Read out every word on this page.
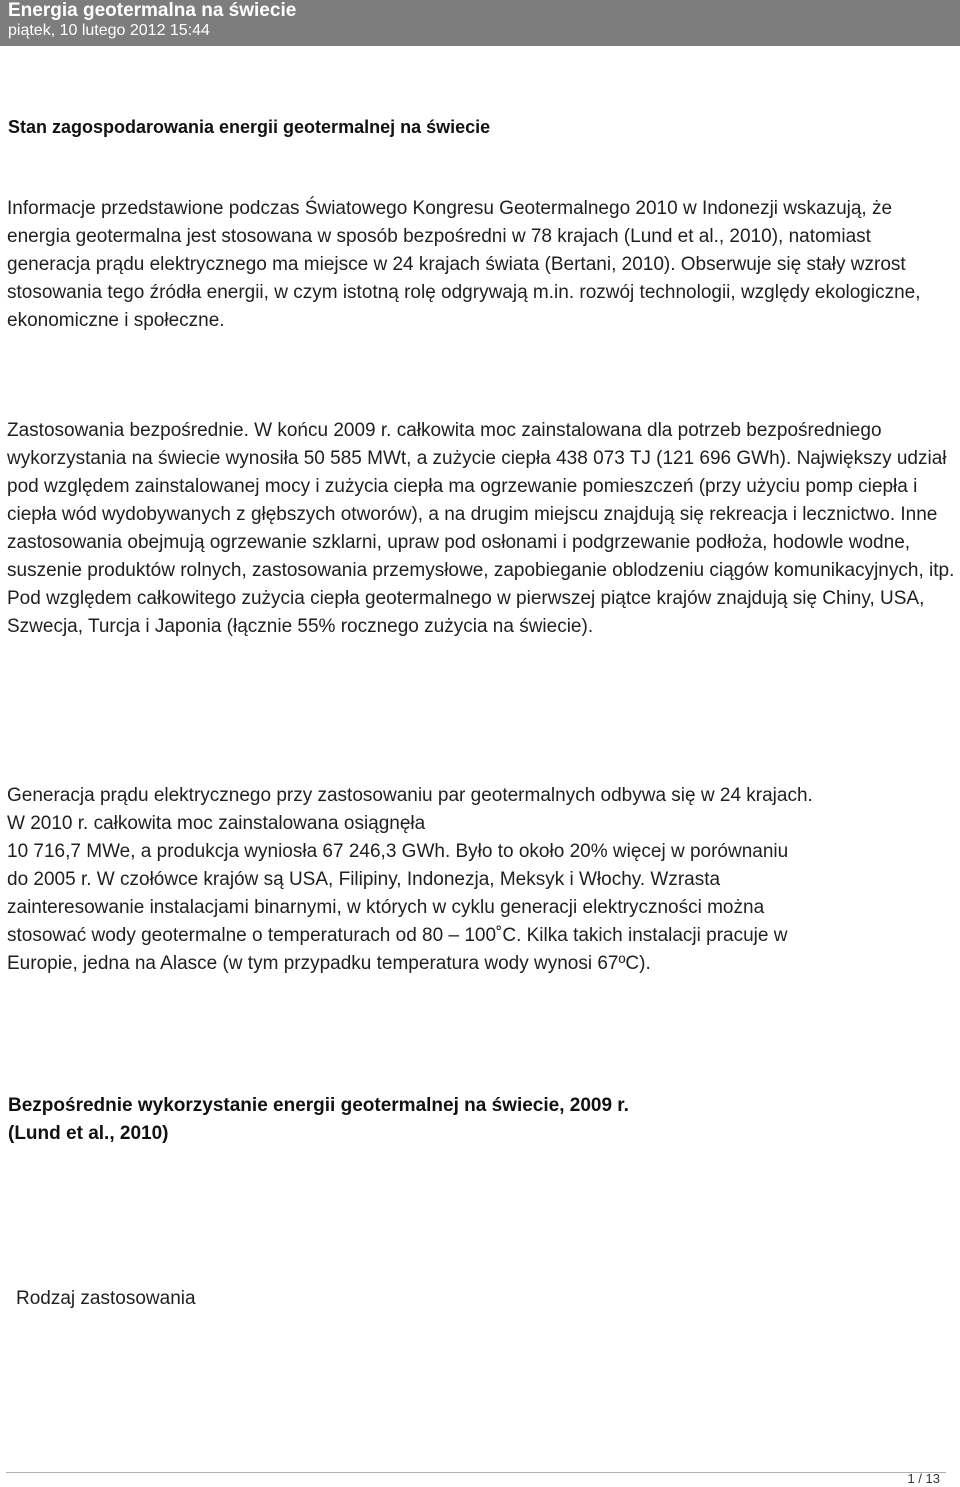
Energia geotermalna na świecie
piątek, 10 lutego 2012 15:44
Stan zagospodarowania energii geotermalnej na świecie

Informacje przedstawione podczas Światowego Kongresu Geotermalnego 2010 w Indonezji wskazują, że energia geotermalna jest stosowana w sposób bezpośredni w 78 krajach (Lund et al., 2010), natomiast generacja prądu elektrycznego ma miejsce w 24 krajach świata (Bertani, 2010). Obserwuje się stały wzrost stosowania tego źródła energii, w czym istotną rolę odgrywają m.in. rozwój technologii, względy ekologiczne, ekonomiczne i społeczne.

Zastosowania bezpośrednie. W końcu 2009 r. całkowita moc zainstalowana dla potrzeb bezpośredniego wykorzystania na świecie wynosiła 50 585 MWt, a zużycie ciepła 438 073 TJ (121 696 GWh). Największy udział pod względem zainstalowanej mocy i zużycia ciepła ma ogrzewanie pomieszczeń (przy użyciu pomp ciepła i ciepła wód wydobywanych z głębszych otworów), a na drugim miejscu znajdują się rekreacja i lecznictwo. Inne zastosowania obejmują ogrzewanie szklarni, upraw pod osłonami i podgrzewanie podłoża, hodowle wodne, suszenie produktów rolnych, zastosowania przemysłowe, zapobieganie oblodzeniu ciągów komunikacyjnych, itp. Pod względem całkowitego zużycia ciepła geotermalnego w pierwszej piątce krajów znajdują się Chiny, USA, Szwecja, Turcja i Japonia (łącznie 55% rocznego zużycia na świecie).

Generacja prądu elektrycznego przy zastosowaniu par geotermalnych odbywa się w 24 krajach.
W 2010 r. całkowita moc zainstalowana osiągnęła
10 716,7 MWe, a produkcja wyniosła 67 246,3 GWh. Było to około 20% więcej w porównaniu
do 2005 r. W czołówce krajów są USA, Filipiny, Indonezja, Meksyk i Włochy. Wzrasta
zainteresowanie instalacjami binarnymi, w których w cyklu generacji elektryczności można
stosować wody geotermalne o temperaturach od 80 – 100˚C. Kilka takich instalacji pracuje w
Europie, jedna na Alasce (w tym przypadku temperatura wody wynosi 67ºC).

Bezpośrednie wykorzystanie energii geotermalnej na świecie, 2009 r.
(Lund et al., 2010)
Rodzaj zastosowania
1 / 13
